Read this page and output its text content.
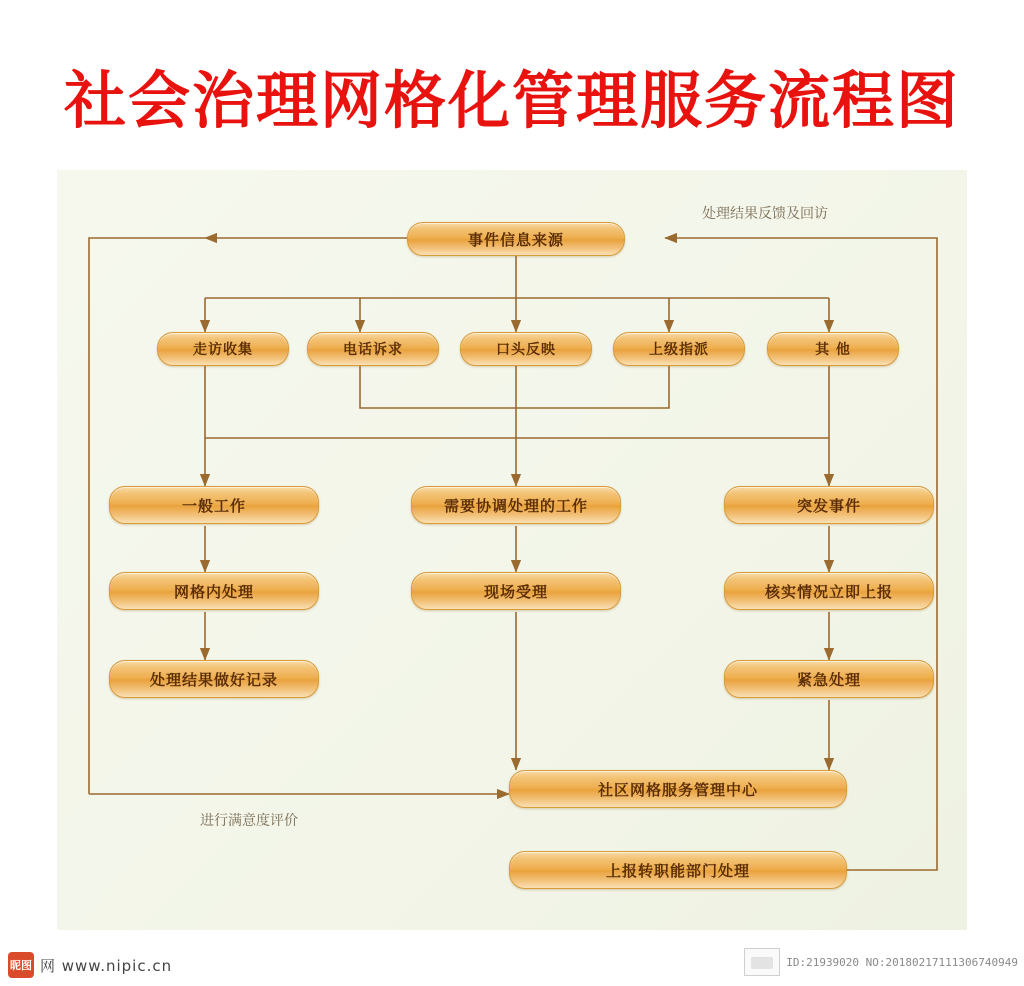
社会治理网格化管理服务流程图
处理结果反馈及回访
进行满意度评价
事件信息来源
走访收集	电话诉求	口头反映	上级指派	其 他
一般工作	需要协调处理的工作	突发事件
网格内处理	现场受理	核实情况立即上报
处理结果做好记录	紧急处理
社区网格服务管理中心
上报转职能部门处理
昵图 网 www.nipic.cn	ID:21939020 NO:20180217111306740949
